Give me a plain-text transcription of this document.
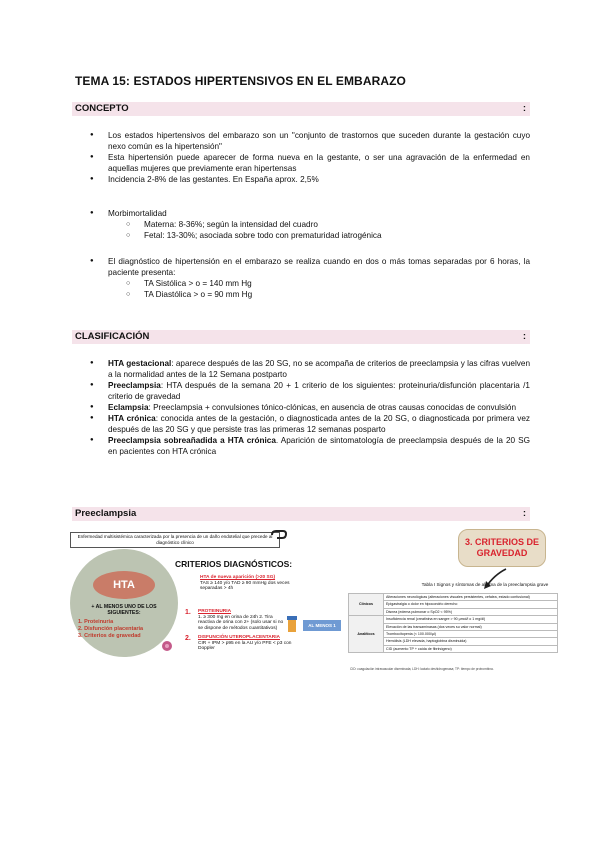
TEMA 15: ESTADOS HIPERTENSIVOS EN EL EMBARAZO
CONCEPTO	:
● Los estados hipertensivos del embarazo son un "conjunto de trastornos que suceden durante la gestación cuyo nexo común es la hipertensión"
● Esta hipertensión puede aparecer de forma nueva en la gestante, o ser una agravación de la enfermedad en aquellas mujeres que previamente eran hipertensas
● Incidencia 2-8% de las gestantes. En España aprox. 2,5%
● Morbimortalidad
○ Materna: 8-36%; según la intensidad del cuadro
○ Fetal: 13-30%; asociada sobre todo con prematuridad iatrogénica
● El diagnóstico de hipertensión en el embarazo se realiza cuando en dos o más tomas separadas por 6 horas, la paciente presenta:
○ TA Sistólica > o = 140 mm Hg
○ TA Diastólica > o = 90 mm Hg
CLASIFICACIÓN	:
● HTA gestacional: aparece después de las 20 SG, no se acompaña de criterios de preeclampsia y las cifras vuelven a la normalidad antes de la 12 Semana postparto
● Preeclampsia: HTA después de la semana 20 + 1 criterio de los siguientes: proteinuria/disfunción placentaria /1 criterio de gravedad
● Eclampsia: Preeclampsia + convulsiones tónico-clónicas, en ausencia de otras causas conocidas de convulsión
● HTA crónica: conocida antes de la gestación, o diagnosticada antes de la 20 SG, o diagnosticada por primera vez después de las 20 SG y que persiste tras las primeras 12 semanas posparto
● Preeclampsia sobreañadida a HTA crónica. Aparición de sintomatología de preeclampsia después de la 20 SG en pacientes con HTA crónica
Preeclampsia	:
Enfermedad multisistémica caracterizada por la presencia de un daño endotelial que precede al diagnóstico clínico
HTA
+ AL MENOS UNO DE LOS SIGUIENTES:
1. Proteinuria
2. Disfunción placentaria
3. Criterios de gravedad
CRITERIOS DIAGNÓSTICOS:
HTA de nueva aparición (>20 SG)
TAS ≥ 140 y/o TAD ≥ 90 mmHg dos veces separadas > 4h
1. PROTEINURIA
1. ≥ 300 mg en orina de 24h 2. Tira reactiva de orina con 2+ (solo usar si no se dispone de métodos cuantitativos)
AL MENOS 1
2. DISFUNCIÓN UTEROPLACENTARIA
CIR + IPM > p95 en la AU y/o PFE < p3 con Doppler
3. CRITERIOS DE GRAVEDAD
Tabla I Signos y síntomas de alarma de la preeclampsia grave
Clínicos	Alteraciones neurológicas (alteraciones visuales persistentes, cefalea, estado confusional)
	Epigastralgia o dolor en hipocondrio derecho
	Disnea (edema pulmonar o SpO2 < 95%)
Analíticos	Insuficiencia renal (creatinina en sangre > 90 µmol/l o 1 mg/dl)
	Elevación de las transaminasas (dos veces su valor normal)
	Trombocitopenia (< 100.000/µl)
	Hemólisis (LDH elevada, haptoglobina disminuida)
	CID (aumento TP + caída de fibrinógeno)
CID: coagulación intravascular diseminada; LDH: lactato deshidrogenasa; TP: tiempo de protrombina.
